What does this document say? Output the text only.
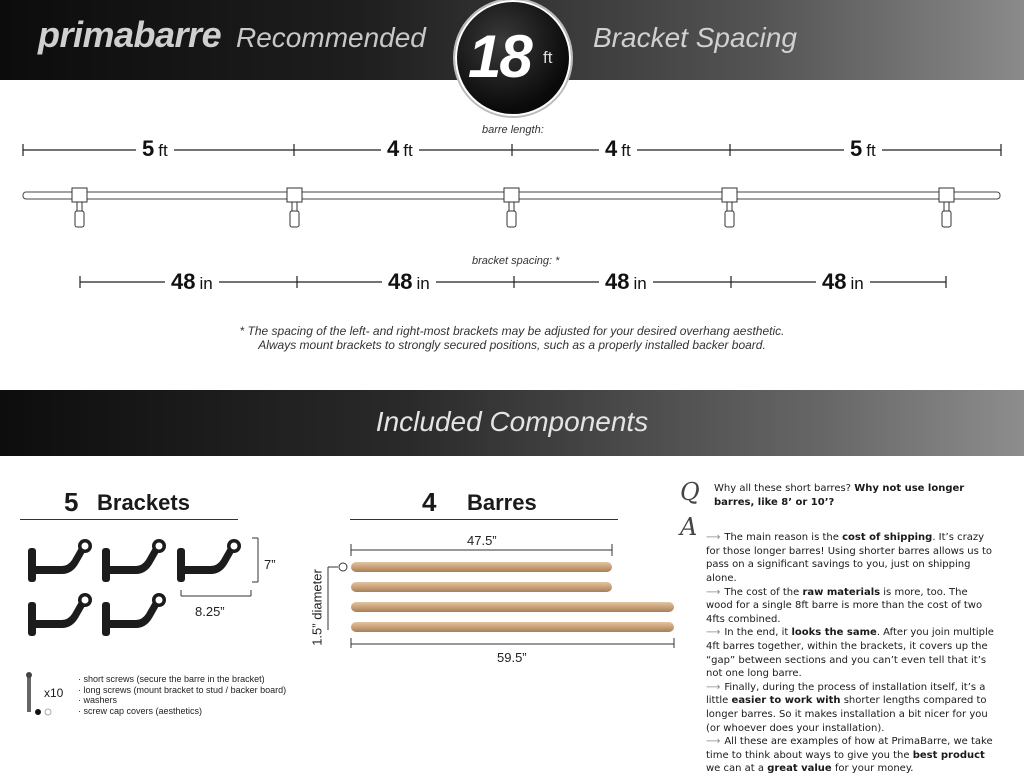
primabarre Recommended 18 ft
Bracket Spacing
barre length:
5 ft	4 ft	4 ft	5 ft
bracket spacing: *
48 in	48 in	48 in	48 in
* The spacing of the left- and right-most brackets may be adjusted for your desired overhang aesthetic.
Always mount brackets to strongly secured positions, such as a properly installed backer board.
Included Components
5 Brackets
7”
8.25”
x10
· short screws (secure the barre in the bracket)
· long screws (mount bracket to stud / backer board)
· washers
· screw cap covers (aesthetics)
4 Barres
47.5”
59.5”
1.5” diameter
Q
A
Why all these short barres? Why not use longer barres, like 8’ or 10’?

⟶ The main reason is the cost of shipping. It’s crazy for those longer barres! Using shorter barres allows us to pass on a significant savings to you, just on shipping alone.

⟶ The cost of the raw materials is more, too. The wood for a single 8ft barre is more than the cost of two 4fts combined.

⟶ In the end, it looks the same. After you join multiple 4ft barres together, within the brackets, it covers up the “gap” between sections and you can’t even tell that it’s not one long barre.

⟶ Finally, during the process of installation itself, it’s a little easier to work with shorter lengths compared to longer barres. So it makes installation a bit nicer for you (or whoever does your installation).

⟶ All these are examples of how at PrimaBarre, we take time to think about ways to give you the best product we can at a great value for your money.
